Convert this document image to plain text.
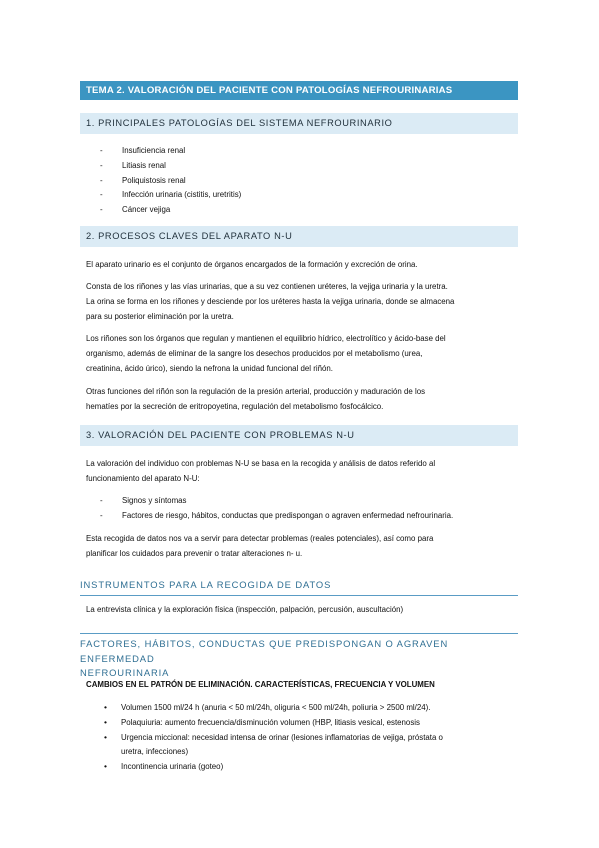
TEMA 2. VALORACIÓN DEL PACIENTE CON PATOLOGÍAS NEFROURINARIAS
1. PRINCIPALES PATOLOGÍAS DEL SISTEMA NEFROURINARIO
-	Insuficiencia renal
-	Litiasis renal
-	Poliquistosis renal
-	Infección urinaria (cistitis, uretritis)
-	Cáncer vejiga
2. PROCESOS CLAVES DEL APARATO N-U
El aparato urinario es el conjunto de órganos encargados de la formación y excreción de orina.
Consta de los riñones y las vías urinarias, que a su vez contienen uréteres, la vejiga urinaria y la uretra.
La orina se forma en los riñones y desciende por los uréteres hasta la vejiga urinaria, donde se almacena
para su posterior eliminación por la uretra.
Los riñones son los órganos que regulan y mantienen el equilibrio hídrico, electrolítico y ácido-base del
organismo, además de eliminar de la sangre los desechos producidos por el metabolismo (urea,
creatinina, ácido úrico), siendo la nefrona la unidad funcional del riñón.
Otras funciones del riñón son la regulación de la presión arterial, producción y maduración de los
hematíes por la secreción de eritropoyetina, regulación del metabolismo fosfocálcico.
3. VALORACIÓN DEL PACIENTE CON PROBLEMAS N-U
La valoración del individuo con problemas N-U se basa en la recogida y análisis de datos referido al
funcionamiento del aparato N-U:
-	Signos y síntomas
-	Factores de riesgo, hábitos, conductas que predispongan o agraven enfermedad nefrourinaria.
Esta recogida de datos nos va a servir para detectar problemas (reales potenciales), así como para
planificar los cuidados para prevenir o tratar alteraciones n- u.
INSTRUMENTOS PARA LA RECOGIDA DE DATOS
La entrevista clínica y la exploración física (inspección, palpación, percusión, auscultación)
FACTORES, HÁBITOS, CONDUCTAS QUE PREDISPONGAN O AGRAVEN ENFERMEDAD
NEFROURINARIA
CAMBIOS EN EL PATRÓN DE ELIMINACIÓN. CARACTERÍSTICAS, FRECUENCIA Y VOLUMEN
•	Volumen 1500 ml/24 h (anuria < 50 ml/24h, oliguria < 500 ml/24h, poliuria > 2500 ml/24).
•	Polaquiuria: aumento frecuencia/disminución volumen (HBP, litiasis vesical, estenosis
•	Urgencia miccional: necesidad intensa de orinar (lesiones inflamatorias de vejiga, próstata o
uretra, infecciones)
•	Incontinencia urinaria (goteo)
